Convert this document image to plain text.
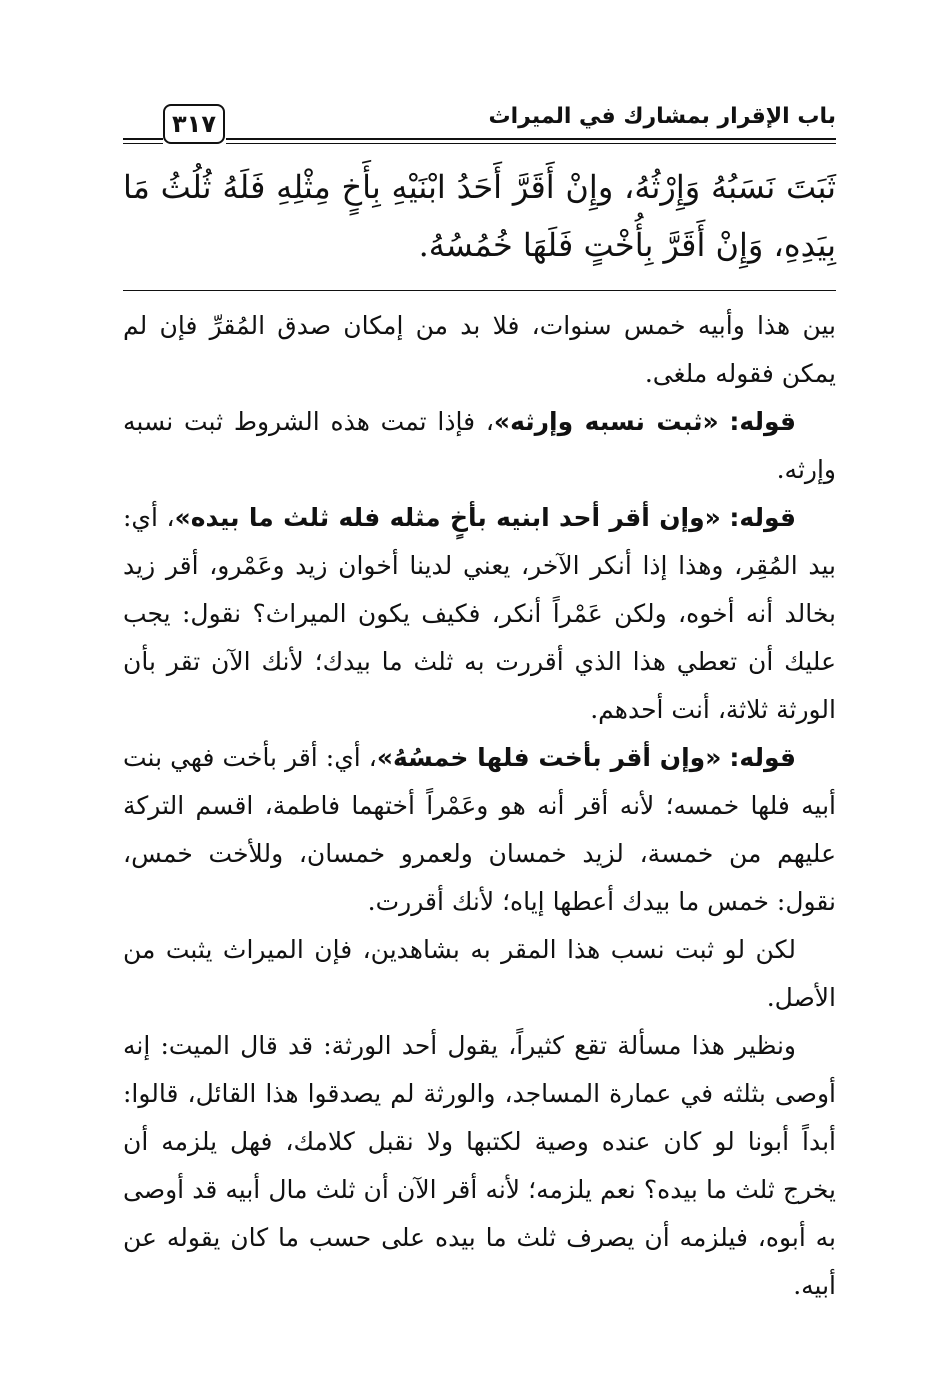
٣١٧	باب الإقرار بمشارك في الميراث
ثَبَتَ نَسَبُهُ وَإِرْثُهُ، وإِنْ أَقَرَّ أَحَدُ ابْنَيْهِ بِأَخٍ مِثْلِهِ فَلَهُ ثُلُثُ مَا بِيَدِهِ، وَإِنْ أَقَرَّ بِأُخْتٍ فَلَهَا خُمُسُهُ.

بين هذا وأبيه خمس سنوات، فلا بد من إمكان صدق المُقرِّ فإن لم يمكن فقوله ملغى.

قوله: «ثبت نسبه وإرثه»، فإذا تمت هذه الشروط ثبت نسبه وإرثه.

قوله: «وإن أقر أحد ابنيه بأخٍ مثله فله ثلث ما بيده»، أي: بيد المُقِر، وهذا إذا أنكر الآخر، يعني لدينا أخوان زيد وعَمْرو، أقر زيد بخالد أنه أخوه، ولكن عَمْراً أنكر، فكيف يكون الميراث؟ نقول: يجب عليك أن تعطي هذا الذي أقررت به ثلث ما بيدك؛ لأنك الآن تقر بأن الورثة ثلاثة، أنت أحدهم.

قوله: «وإن أقر بأخت فلها خمسُهُ»، أي: أقر بأخت فهي بنت أبيه فلها خمسه؛ لأنه أقر أنه هو وعَمْراً أختهما فاطمة، اقسم التركة عليهم من خمسة، لزيد خمسان ولعمرو خمسان، وللأخت خمس، نقول: خمس ما بيدك أعطها إياه؛ لأنك أقررت.

لكن لو ثبت نسب هذا المقر به بشاهدين، فإن الميراث يثبت من الأصل.

ونظير هذا مسألة تقع كثيراً، يقول أحد الورثة: قد قال الميت: إنه أوصى بثلثه في عمارة المساجد، والورثة لم يصدقوا هذا القائل، قالوا: أبداً أبونا لو كان عنده وصية لكتبها ولا نقبل كلامك، فهل يلزمه أن يخرج ثلث ما بيده؟ نعم يلزمه؛ لأنه أقر الآن أن ثلث مال أبيه قد أوصى به أبوه، فيلزمه أن يصرف ثلث ما بيده على حسب ما كان يقوله عن أبيه.
